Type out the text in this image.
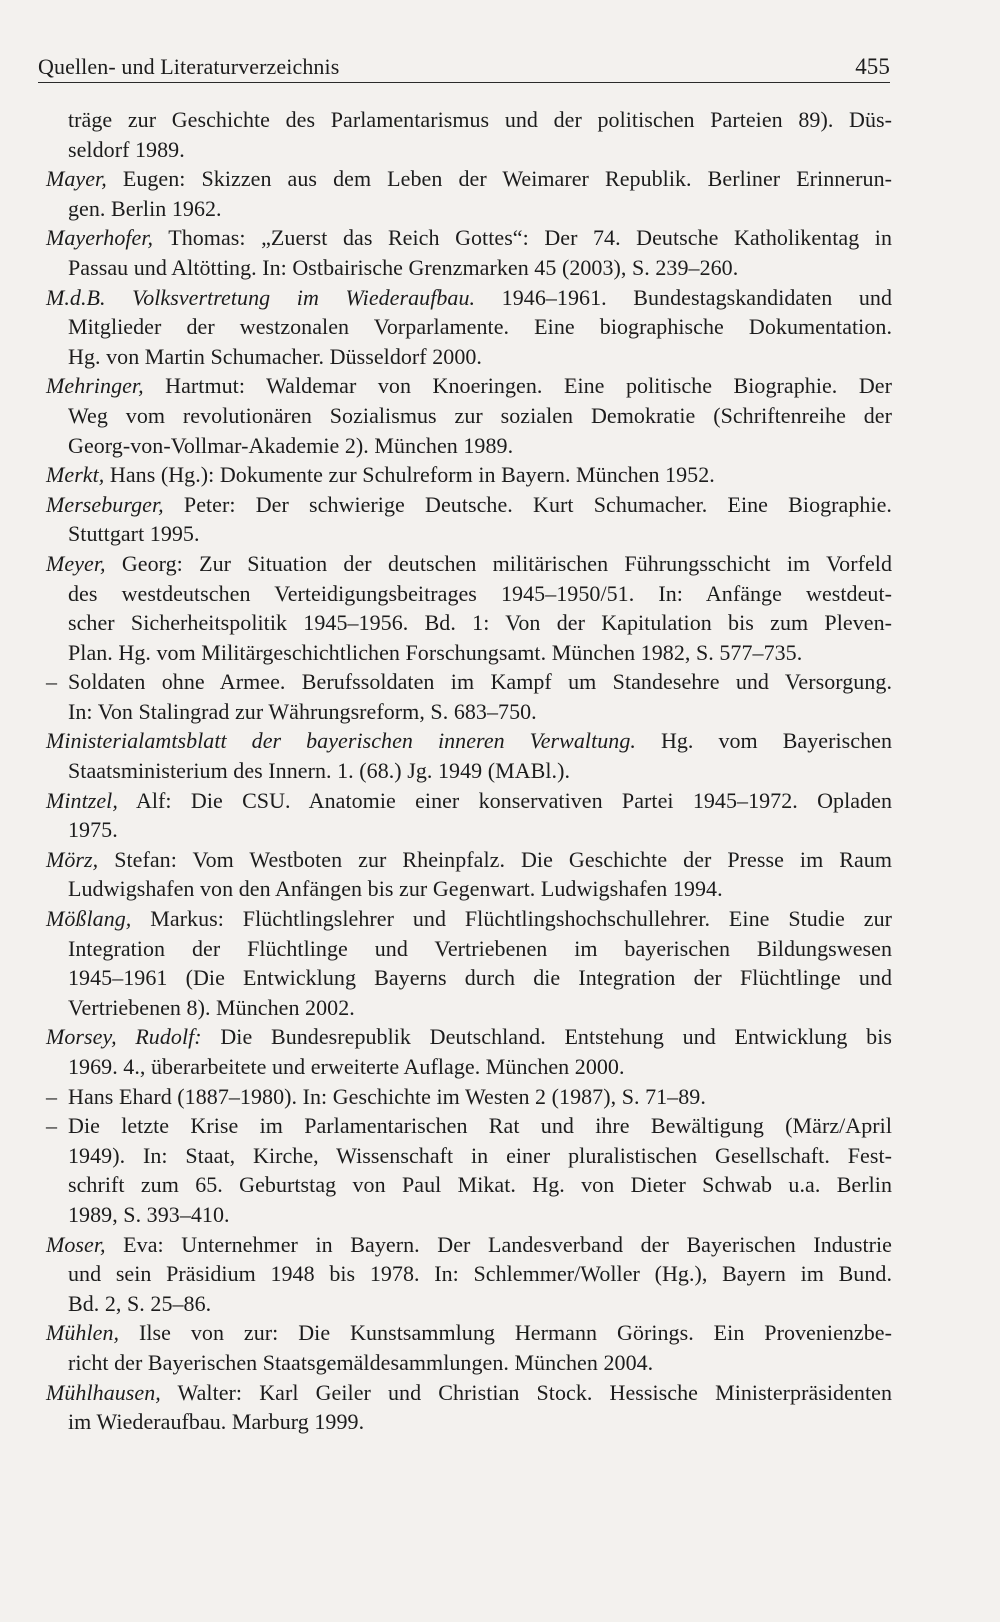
Quellen- und Literaturverzeichnis	455
träge zur Geschichte des Parlamentarismus und der politischen Parteien 89). Düs-
seldorf 1989.
Mayer, Eugen: Skizzen aus dem Leben der Weimarer Republik. Berliner Erinnerun-
gen. Berlin 1962.
Mayerhofer, Thomas: „Zuerst das Reich Gottes“: Der 74. Deutsche Katholikentag in
Passau und Altötting. In: Ostbairische Grenzmarken 45 (2003), S. 239–260.
M.d.B. Volksvertretung im Wiederaufbau. 1946–1961. Bundestagskandidaten und
Mitglieder der westzonalen Vorparlamente. Eine biographische Dokumentation.
Hg. von Martin Schumacher. Düsseldorf 2000.
Mehringer, Hartmut: Waldemar von Knoeringen. Eine politische Biographie. Der
Weg vom revolutionären Sozialismus zur sozialen Demokratie (Schriftenreihe der
Georg-von-Vollmar-Akademie 2). München 1989.
Merkt, Hans (Hg.): Dokumente zur Schulreform in Bayern. München 1952.
Merseburger, Peter: Der schwierige Deutsche. Kurt Schumacher. Eine Biographie.
Stuttgart 1995.
Meyer, Georg: Zur Situation der deutschen militärischen Führungsschicht im Vorfeld
des westdeutschen Verteidigungsbeitrages 1945–1950/51. In: Anfänge westdeut-
scher Sicherheitspolitik 1945–1956. Bd. 1: Von der Kapitulation bis zum Pleven-
Plan. Hg. vom Militärgeschichtlichen Forschungsamt. München 1982, S. 577–735.
– Soldaten ohne Armee. Berufssoldaten im Kampf um Standesehre und Versorgung.
In: Von Stalingrad zur Währungsreform, S. 683–750.
Ministerialamtsblatt der bayerischen inneren Verwaltung. Hg. vom Bayerischen
Staatsministerium des Innern. 1. (68.) Jg. 1949 (MABl.).
Mintzel, Alf: Die CSU. Anatomie einer konservativen Partei 1945–1972. Opladen
1975.
Mörz, Stefan: Vom Westboten zur Rheinpfalz. Die Geschichte der Presse im Raum
Ludwigshafen von den Anfängen bis zur Gegenwart. Ludwigshafen 1994.
Mößlang, Markus: Flüchtlingslehrer und Flüchtlingshochschullehrer. Eine Studie zur
Integration der Flüchtlinge und Vertriebenen im bayerischen Bildungswesen
1945–1961 (Die Entwicklung Bayerns durch die Integration der Flüchtlinge und
Vertriebenen 8). München 2002.
Morsey, Rudolf: Die Bundesrepublik Deutschland. Entstehung und Entwicklung bis
1969. 4., überarbeitete und erweiterte Auflage. München 2000.
– Hans Ehard (1887–1980). In: Geschichte im Westen 2 (1987), S. 71–89.
– Die letzte Krise im Parlamentarischen Rat und ihre Bewältigung (März/April
1949). In: Staat, Kirche, Wissenschaft in einer pluralistischen Gesellschaft. Fest-
schrift zum 65. Geburtstag von Paul Mikat. Hg. von Dieter Schwab u.a. Berlin
1989, S. 393–410.
Moser, Eva: Unternehmer in Bayern. Der Landesverband der Bayerischen Industrie
und sein Präsidium 1948 bis 1978. In: Schlemmer/Woller (Hg.), Bayern im Bund.
Bd. 2, S. 25–86.
Mühlen, Ilse von zur: Die Kunstsammlung Hermann Görings. Ein Provenienzbe-
richt der Bayerischen Staatsgemäldesammlungen. München 2004.
Mühlhausen, Walter: Karl Geiler und Christian Stock. Hessische Ministerpräsidenten
im Wiederaufbau. Marburg 1999.
